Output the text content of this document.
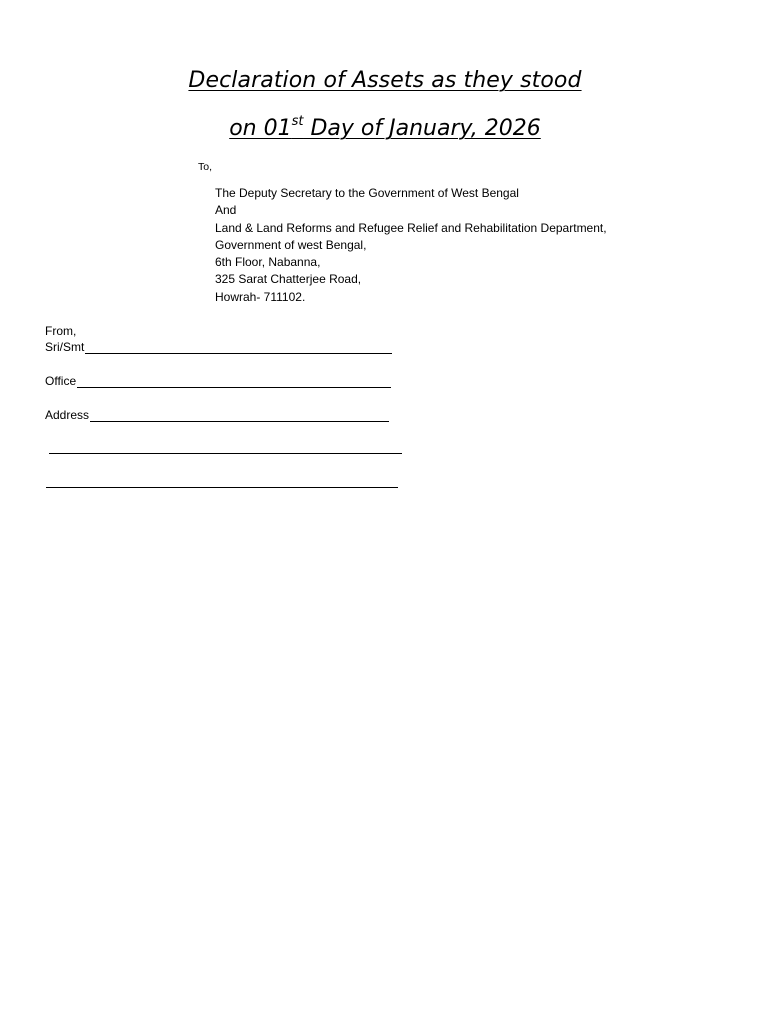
Declaration of Assets as they stood
on 01st Day of January, 2026
To,
The Deputy Secretary to the Government of West Bengal
And
Land & Land Reforms and Refugee Relief and Rehabilitation Department,
Government of west Bengal,
6th Floor, Nabanna,
325 Sarat Chatterjee Road,
Howrah- 711102.
From,
Sri/Smt
Office
Address
